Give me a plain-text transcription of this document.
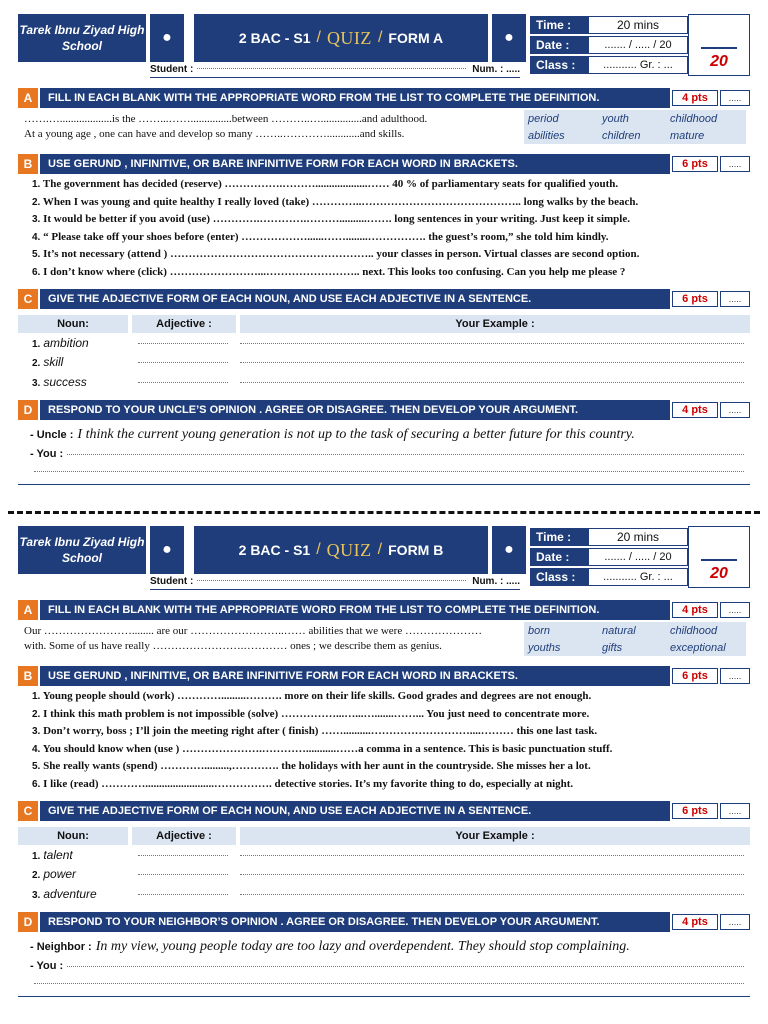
Tarek Ibnu Ziyad High School	●	2 BAC - S1 / QUIZ / FORM A	●
Time :	20 mins
Date :	....... / ..... / 20
Class :	........... Gr. : ...	20
Student :	Num. : .....
A	FILL IN EACH BLANK WITH THE APPROPRIATE WORD FROM THE LIST TO COMPLETE THE DEFINITION.	4 pts	.....
…….…...................is the ……...……...............between ………..…...............and adulthood.
At a young age , one can have and develop so many ……..…………............and skills.
period	youth	childhood
abilities	children	mature
B	USE GERUND , INFINITIVE, OR BARE INFINITIVE FORM FOR EACH WORD IN BRACKETS.	6 pts	.....
1. The government has decided (reserve) …………….………...................…… 40 % of parliamentary seats for qualified youth.
2. When I was young and quite healthy I really loved (take) …………..…………………………………….. long walks by the beach.
3. It would be better if you avoid (use) ………….………….………..........……. long sentences in your writing. Just keep it simple.
4. “ Please take off your shoes before (enter) ………………......……........……………. the guest’s room,” she told him kindly.
5. It’s not necessary (attend ) ……………………………………………….. your classes in person. Virtual classes are second option.
6. I don’t know where (click) ……………………...…………………….. next. This looks too confusing. Can you help me please ?
C	GIVE THE ADJECTIVE FORM OF EACH NOUN, AND USE EACH ADJECTIVE IN A SENTENCE.	6 pts	.....
Noun:	Adjective :	Your Example :
1. ambition
2. skill
3. success
D	RESPOND TO YOUR UNCLE’S OPINION . AGREE OR DISAGREE. THEN DEVELOP YOUR ARGUMENT.	4 pts	.....
- Uncle : I think the current young generation is not up to the task of securing a better future for this country.
- You :
Tarek Ibnu Ziyad High School	●	2 BAC - S1 / QUIZ / FORM B	●
Time :	20 mins
Date :	....... / ..... / 20
Class :	........... Gr. : ...	20
Student :	Num. : .....
A	FILL IN EACH BLANK WITH THE APPROPRIATE WORD FROM THE LIST TO COMPLETE THE DEFINITION.	4 pts	.....
Our ……………………........ are our ……………………..…… abilities that we were …………………
with. Some of us have really …………………….………… ones ; we describe them as genius.
born	natural	childhood
youths	gifts	exceptional
B	USE GERUND , INFINITIVE, OR BARE INFINITIVE FORM FOR EACH WORD IN BRACKETS.	6 pts	.....
1. Young people should (work) ………….........………. more on their life skills. Good grades and degrees are not enough.
2. I think this math problem is not impossible (solve) ……………...…...….......……... You just need to concentrate more.
3. Don’t worry, boss ; I’ll join the meeting right after ( finish) ……..........………………………....……… this one last task.
4. You should know when (use ) ………………….…………...........……a comma in a sentence. This is basic punctuation stuff.
5. She really wants (spend) ………….........,…………. the holidays with her aunt in the countryside. She misses her a lot.
6. I like (read) ………….........................……………. detective stories. It’s my favorite thing to do, especially at night.
C	GIVE THE ADJECTIVE FORM OF EACH NOUN, AND USE EACH ADJECTIVE IN A SENTENCE.	6 pts	.....
Noun:	Adjective :	Your Example :
1. talent
2. power
3. adventure
D	RESPOND TO YOUR NEIGHBOR’S OPINION . AGREE OR DISAGREE. THEN DEVELOP YOUR ARGUMENT.	4 pts	.....
- Neighbor : In my view, young people today are too lazy and overdependent. They should stop complaining.
- You :
